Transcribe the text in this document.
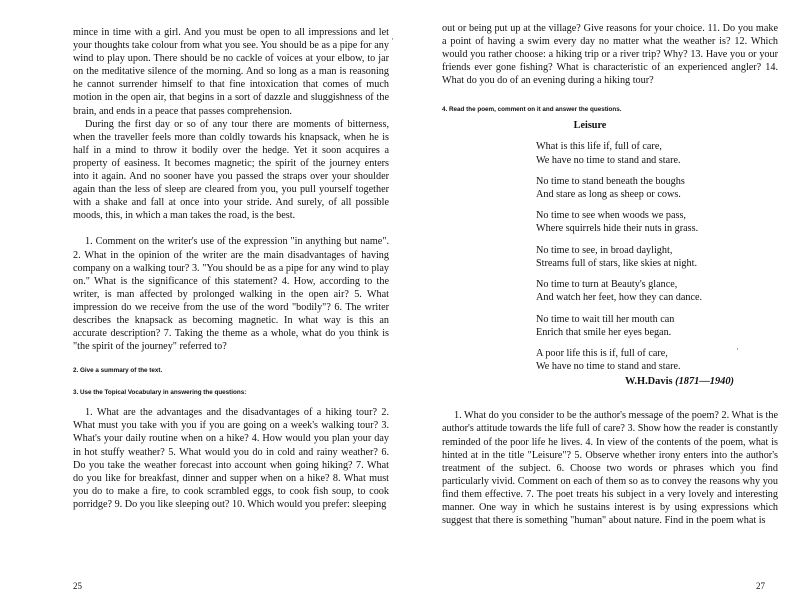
mince in time with a girl. And you must be open to all impressions and let your thoughts take colour from what you see. You should be as a pipe for any wind to play upon. There should be no cackle of voices at your elbow, to jar on the meditative silence of the morning. And so long as a man is reasoning he cannot surrender himself to that fine intoxication that comes of much motion in the open air, that begins in a sort of dazzle and sluggishness of the brain, and ends in a peace that passes comprehension.

During the first day or so of any tour there are moments of bitterness, when the traveller feels more than coldly towards his knapsack, when he is half in a mind to throw it bodily over the hedge. Yet it soon acquires a property of easiness. It becomes magnetic; the spirit of the journey enters into it again. And no sooner have you passed the straps over your shoulder again than the less of sleep are cleared from you, you pull yourself together with a shake and fall at once into your stride. And surely, of all possible moods, this, in which a man takes the road, is the best.

1. Comment on the writer's use of the expression "in anything but name". 2. What in the opinion of the writer are the main disadvantages of having company on a walking tour? 3. "You should be as a pipe for any wind to play on." What is the significance of this statement? 4. How, according to the writer, is man affected by prolonged walking in the open air? 5. What impression do we receive from the use of the word "bodily"? 6. The writer describes the knapsack as becoming magnetic. In what way is this an accurate description? 7. Taking the theme as a whole, what do you think is "the spirit of the journey" referred to?

2. Give a summary of the text.

3. Use the Topical Vocabulary in answering the questions:

1. What are the advantages and the disadvantages of a hiking tour? 2. What must you take with you if you are going on a week's walking tour? 3. What's your daily routine when on a hike? 4. How would you plan your day in hot stuffy weather? 5. What would you do in cold and rainy weather? 6. Do you take the weather forecast into account when going hiking? 7. What do you like for breakfast, dinner and supper when on a hike? 8. What must you do to make a fire, to cook scrambled eggs, to cook fish soup, to cook porridge? 9. Do you like sleeping out? 10. Which would you prefer: sleeping

·
25

out or being put up at the village? Give reasons for your choice. 11. Do you make a point of having a swim every day no matter what the weather is? 12. Which would you rather choose: a hiking trip or a river trip? Why? 13. Have you or your friends ever gone fishing? What is characteristic of an experienced angler? 14. What do you do of an evening during a hiking tour?

4. Read the poem, comment on it and answer the questions.

Leisure
What is this life if, full of care,
We have no time to stand and stare.
No time to stand beneath the boughs
And stare as long as sheep or cows.
No time to see when woods we pass,
Where squirrels hide their nuts in grass.
No time to see, in broad daylight,
Streams full of stars, like skies at night.
No time to turn at Beauty's glance,
And watch her feet, how they can dance.
No time to wait till her mouth can
Enrich that smile her eyes began.
A poor life this is if, full of care,
We have no time to stand and stare.
W.H.Davis (1871—1940)

1. What do you consider to be the author's message of the poem? 2. What is the author's attitude towards the life full of care? 3. Show how the reader is constantly reminded of the poor life he lives. 4. In view of the contents of the poem, what is hinted at in the title "Leisure"? 5. Observe whether irony enters into the author's treatment of the subject. 6. Choose two words or phrases which you find particularly vivid. Comment on each of them so as to convey the reasons why you find them effective. 7. The poet treats his subject in a very lovely and interesting manner. One way in which he sustains interest is by using expressions which suggest that there is something "human" about nature. Find in the poem what is

·
27
